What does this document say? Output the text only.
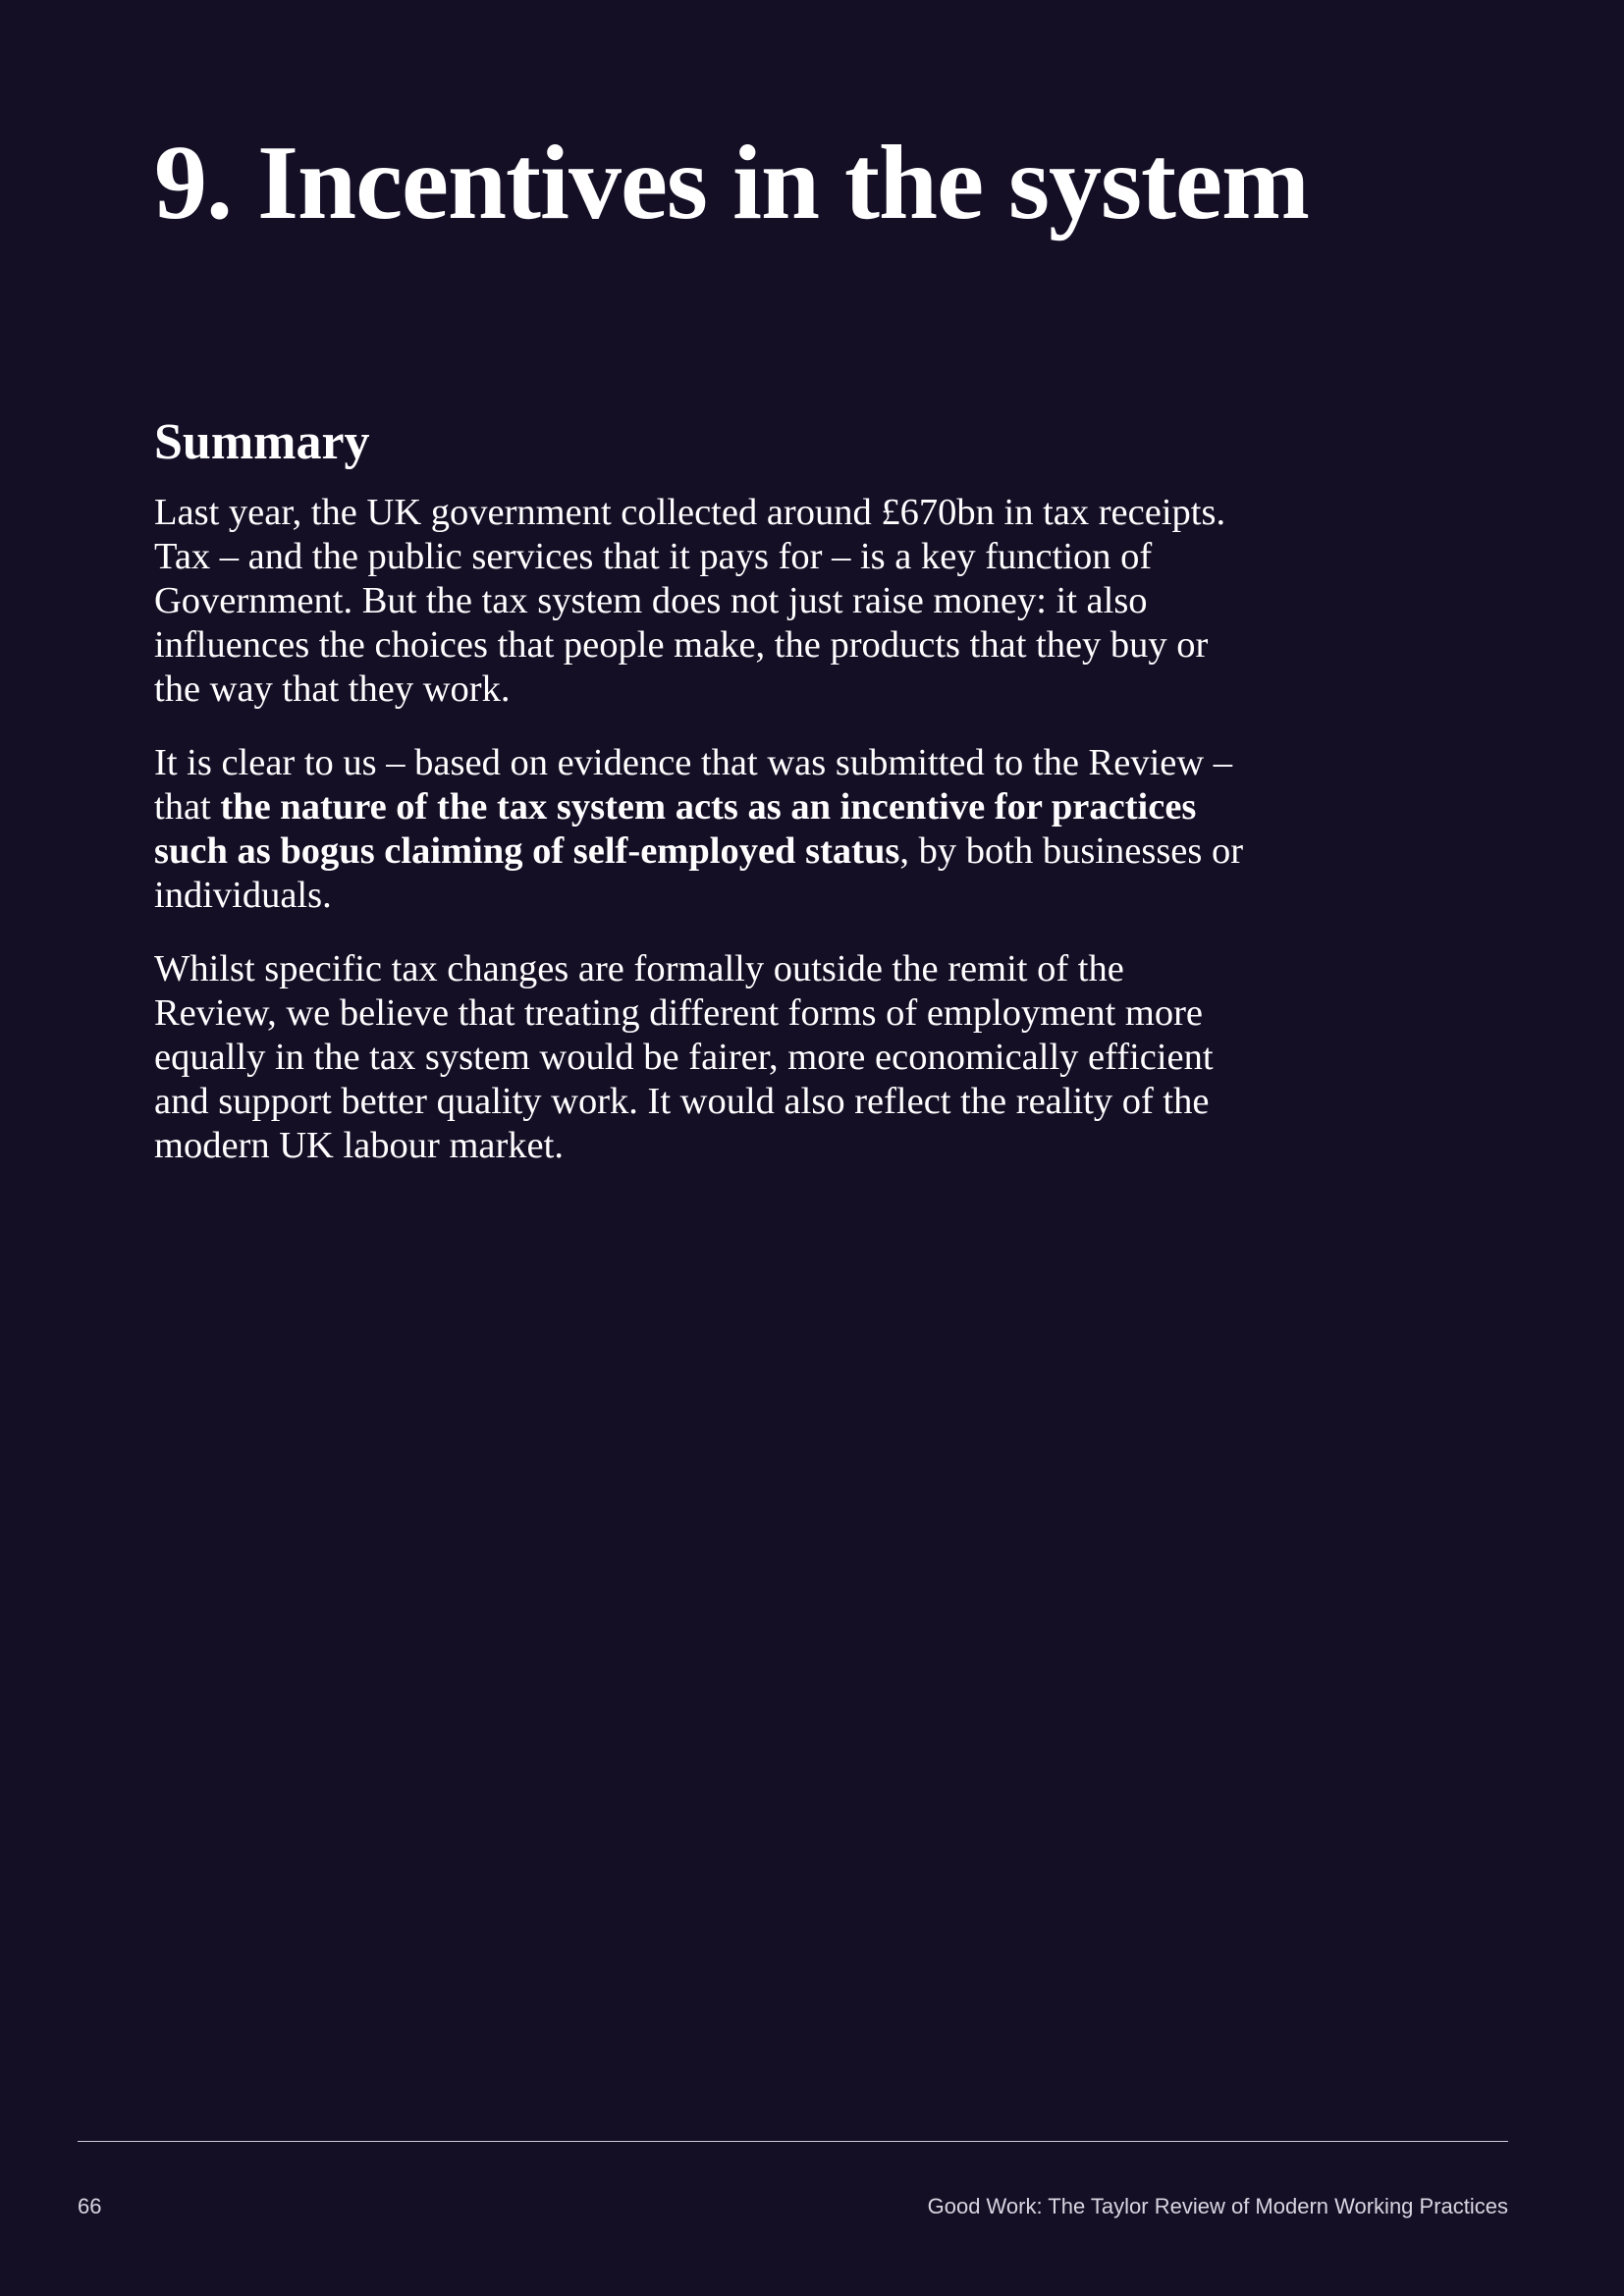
9. Incentives in the system
Summary

Last year, the UK government collected around £670bn in tax receipts. Tax – and the public services that it pays for – is a key function of Government. But the tax system does not just raise money: it also influences the choices that people make, the products that they buy or the way that they work.

It is clear to us – based on evidence that was submitted to the Review – that the nature of the tax system acts as an incentive for practices such as bogus claiming of self-employed status, by both businesses or individuals.

Whilst specific tax changes are formally outside the remit of the Review, we believe that treating different forms of employment more equally in the tax system would be fairer, more economically efficient and support better quality work. It would also reflect the reality of the modern UK labour market.

66	Good Work: The Taylor Review of Modern Working Practices
